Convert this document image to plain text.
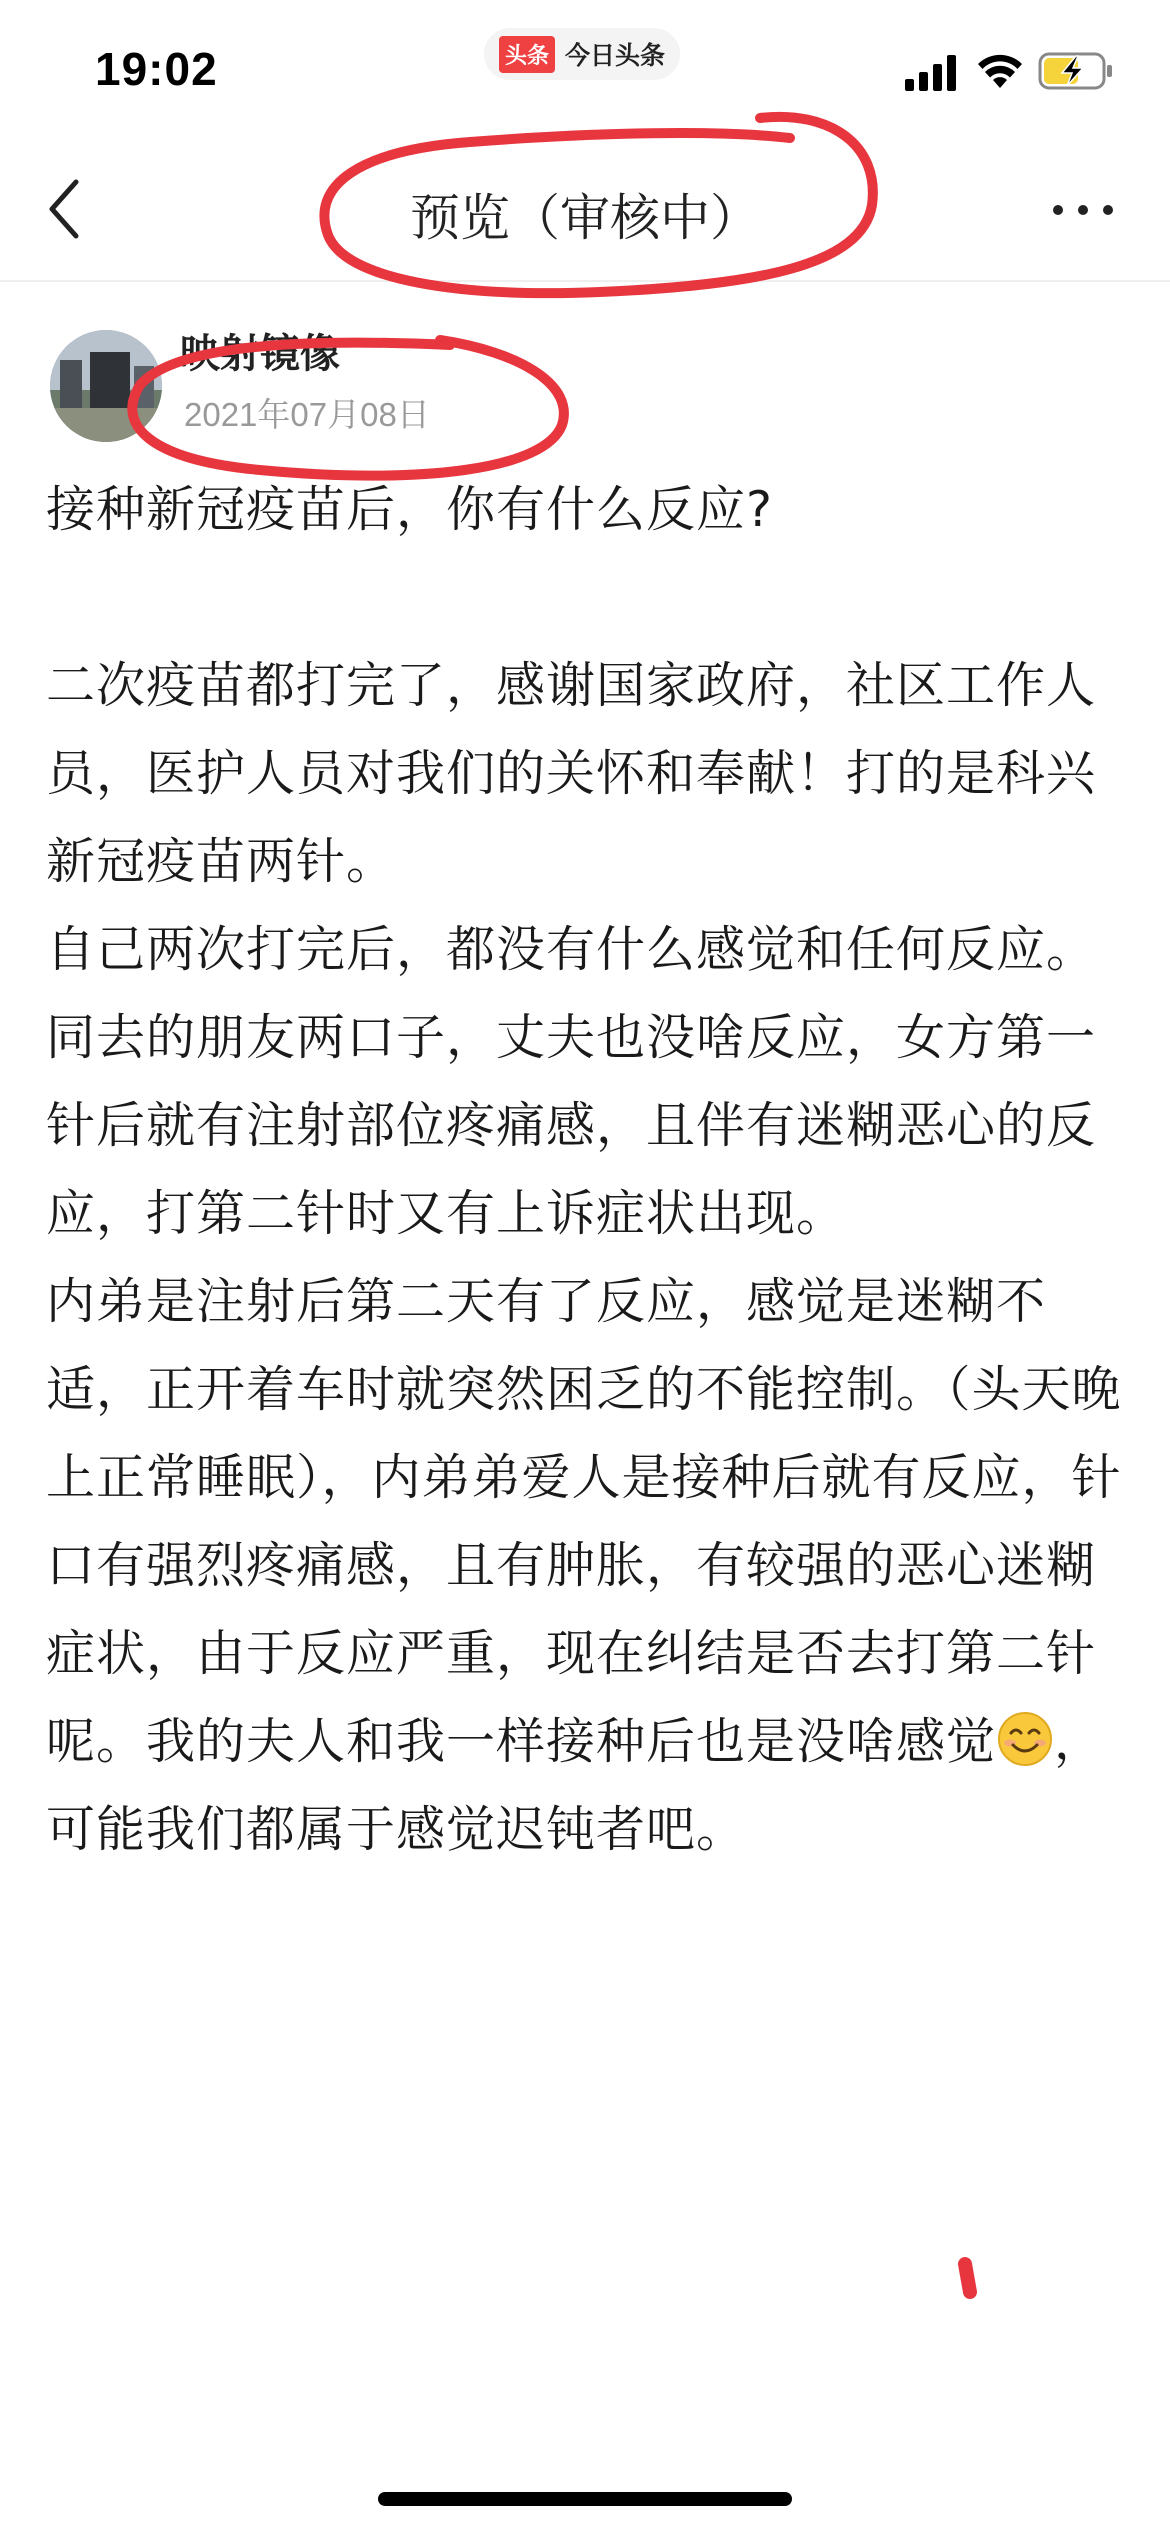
19:02	头条 今日头条
预览（审核中）
映射镜像
2021年07月08日

接种新冠疫苗后，你有什么反应?

二次疫苗都打完了，感谢国家政府，社区工作人员，医护人员对我们的关怀和奉献！打的是科兴新冠疫苗两针。

自己两次打完后，都没有什么感觉和任何反应。同去的朋友两口子，丈夫也没啥反应，女方第一针后就有注射部位疼痛感，且伴有迷糊恶心的反应，打第二针时又有上诉症状出现。

内弟是注射后第二天有了反应，感觉是迷糊不适，正开着车时就突然困乏的不能控制。（头天晚上正常睡眠），内弟弟爱人是接种后就有反应，针口有强烈疼痛感，且有肿胀，有较强的恶心迷糊症状，由于反应严重，现在纠结是否去打第二针呢。我的夫人和我一样接种后也是没啥感觉 ，可能我们都属于感觉迟钝者吧。
